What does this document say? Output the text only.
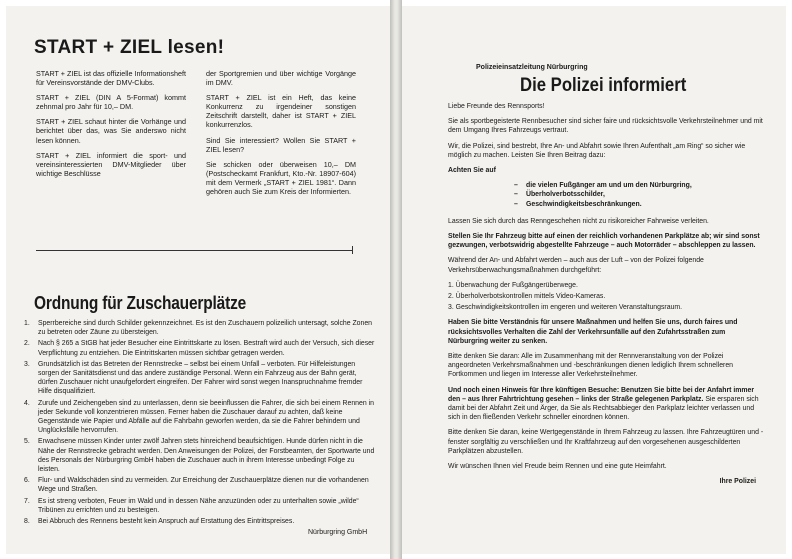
START + ZIEL lesen!

START + ZIEL ist das offizielle Informationsheft für Vereinsvorstände der DMV-Clubs.

START + ZIEL (DIN A 5-Format) kommt zehnmal pro Jahr für 10,– DM.

START + ZIEL schaut hinter die Vorhänge und berichtet über das, was Sie anderswo nicht lesen können.

START + ZIEL informiert die sport- und vereinsinteressierten DMV-Mitglieder über wichtige Beschlüsse

der Sportgremien und über wichtige Vorgänge im DMV.

START + ZIEL ist ein Heft, das keine Konkurrenz zu irgendeiner sonstigen Zeitschrift darstellt, daher ist START + ZIEL konkurrenzlos.

Sind Sie interessiert? Wollen Sie START + ZIEL lesen?

Sie schicken oder überweisen 10,– DM (Postscheckamt Frankfurt, Kto.-Nr. 18907-604) mit dem Vermerk „START + ZIEL 1981“. Dann gehören auch Sie zum Kreis der Informierten.

Ordnung für Zuschauerplätze
1. Sperrbereiche sind durch Schilder gekennzeichnet. Es ist den Zuschauern polizeilich untersagt, solche Zonen zu betreten oder Zäune zu übersteigen.
2. Nach § 265 a StGB hat jeder Besucher eine Eintrittskarte zu lösen. Bestraft wird auch der Versuch, sich dieser Verpflichtung zu entziehen. Die Eintrittskarten müssen sichtbar getragen werden.
3. Grundsätzlich ist das Betreten der Rennstrecke – selbst bei einem Unfall – verboten. Für Hilfeleistungen sorgen der Sanitätsdienst und das andere zuständige Personal. Wenn ein Fahrzeug aus der Bahn gerät, dürfen Zuschauer nicht unaufgefordert eingreifen. Der Fahrer wird sonst wegen Inanspruchnahme fremder Hilfe disqualifiziert.
4. Zurufe und Zeichengeben sind zu unterlassen, denn sie beeinflussen die Fahrer, die sich bei einem Rennen in jeder Sekunde voll konzentrieren müssen. Ferner haben die Zuschauer darauf zu achten, daß keine Gegenstände wie Papier und Abfälle auf die Fahrbahn geworfen werden, da sie die Fahrer behindern und Unglücksfälle hervorrufen.
5. Erwachsene müssen Kinder unter zwölf Jahren stets hinreichend beaufsichtigen. Hunde dürfen nicht in die Nähe der Rennstrecke gebracht werden. Den Anweisungen der Polizei, der Forstbeamten, der Sportwarte und des Personals der Nürburgring GmbH haben die Zuschauer auch in ihrem Interesse unbedingt Folge zu leisten.
6. Flur- und Waldschäden sind zu vermeiden. Zur Erreichung der Zuschauerplätze dienen nur die vorhandenen Wege und Straßen.
7. Es ist streng verboten, Feuer im Wald und in dessen Nähe anzuzünden oder zu unterhalten sowie „wilde“ Tribünen zu errichten und zu besteigen.
8. Bei Abbruch des Rennens besteht kein Anspruch auf Erstattung des Eintrittspreises.
Nürburgring GmbH
Polizeieinsatzleitung Nürburgring
Die Polizei informiert

Liebe Freunde des Rennsports!

Sie als sportbegeisterte Rennbesucher sind sicher faire und rücksichtsvolle Verkehrsteilnehmer und mit dem Umgang Ihres Fahrzeugs vertraut.

Wir, die Polizei, sind bestrebt, Ihre An- und Abfahrt sowie Ihren Aufenthalt „am Ring“ so sicher wie möglich zu machen. Leisten Sie Ihren Beitrag dazu:

Achten Sie auf

– die vielen Fußgänger am und um den Nürburgring,
– Überholverbotsschilder,
– Geschwindigkeitsbeschränkungen.

Lassen Sie sich durch das Renngeschehen nicht zu risikoreicher Fahrweise verleiten.

Stellen Sie Ihr Fahrzeug bitte auf einen der reichlich vorhandenen Parkplätze ab; wir sind sonst gezwungen, verbotswidrig abgestellte Fahrzeuge – auch Motorräder – abschleppen zu lassen.

Während der An- und Abfahrt werden – auch aus der Luft – von der Polizei folgende Verkehrsüberwachungsmaßnahmen durchgeführt:

1. Überwachung der Fußgängerüberwege.
2. Überholverbotskontrollen mittels Video-Kameras.
3. Geschwindigkeitskontrollen im engeren und weiteren Veranstaltungsraum.

Haben Sie bitte Verständnis für unsere Maßnahmen und helfen Sie uns, durch faires und rücksichtsvolles Verhalten die Zahl der Verkehrsunfälle auf den Zufahrtsstraßen zum Nürburgring weiter zu senken.

Bitte denken Sie daran: Alle im Zusammenhang mit der Rennveranstaltung von der Polizei angeordneten Verkehrsmaßnahmen und -beschränkungen dienen lediglich Ihrem schnelleren Fortkommen und liegen im Interesse aller Verkehrsteilnehmer.

Und noch einen Hinweis für Ihre künftigen Besuche: Benutzen Sie bitte bei der Anfahrt immer den – aus Ihrer Fahrtrichtung gesehen – links der Straße gelegenen Parkplatz. Sie ersparen sich damit bei der Abfahrt Zeit und Ärger, da Sie als Rechtsabbieger den Parkplatz leichter verlassen und sich in den fließenden Verkehr schneller einordnen können.

Bitte denken Sie daran, keine Wertgegenstände in Ihrem Fahrzeug zu lassen. Ihre Fahrzeugtüren und -fenster sorgfältig zu verschließen und Ihr Kraftfahrzeug auf den vorgesehenen ausgeschilderten Parkplätzen abzustellen.

Wir wünschen Ihnen viel Freude beim Rennen und eine gute Heimfahrt.

Ihre Polizei
